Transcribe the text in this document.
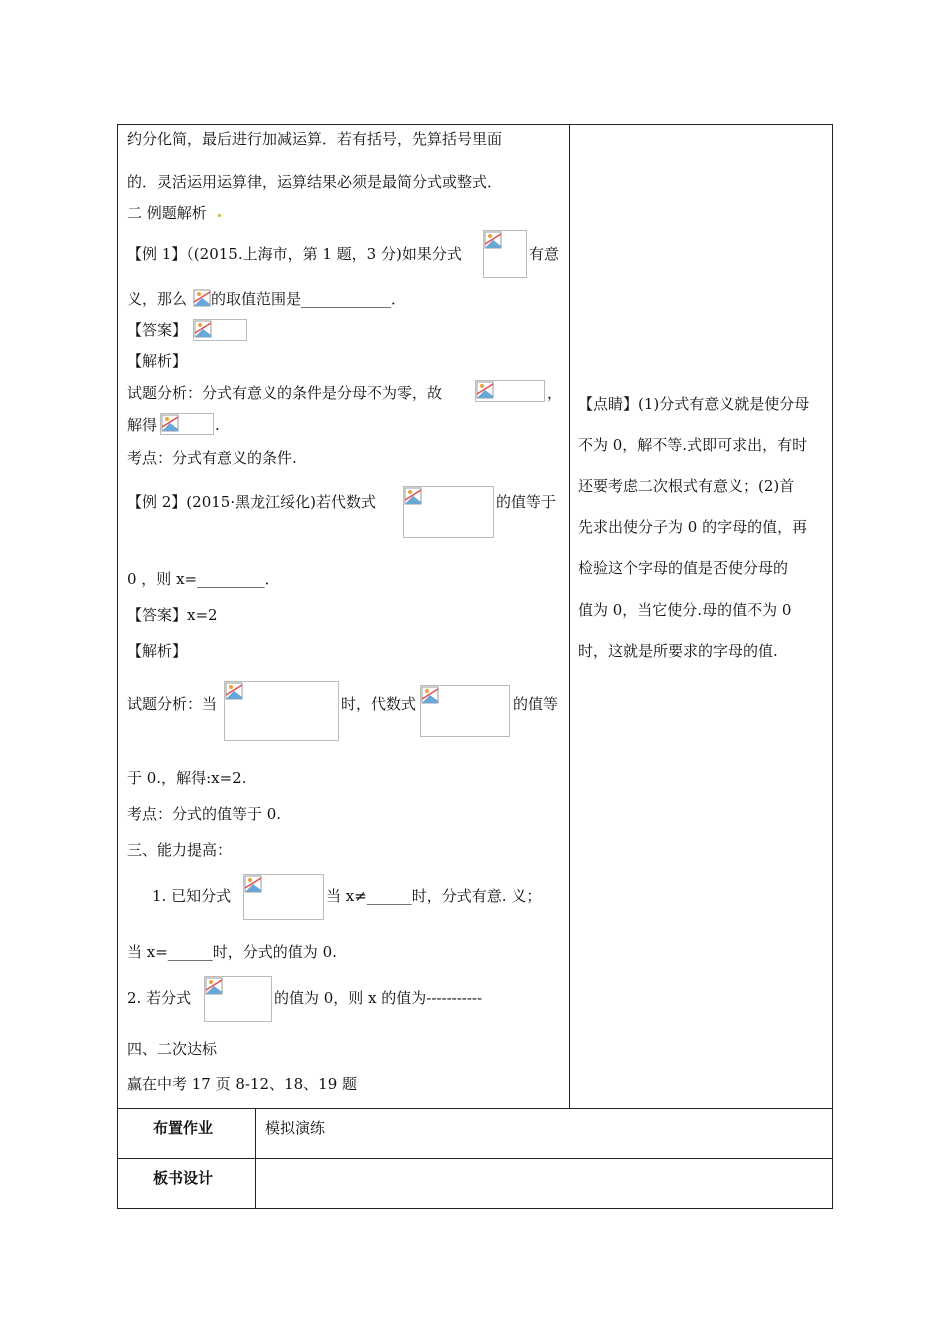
约分化简，最后进行加减运算．若有括号，先算括号里面
的．灵活运用运算律，运算结果必须是最简分式或整式．
二 例题解析
【例 1】（(2015.上海市，第 1 题，3 分)如果分式	有意
义，那么 的取值范围是____________．
【答案】
【解析】
试题分析：分式有意义的条件是分母不为零，故	，
解得	.
考点：分式有意义的条件.
【例 2】(2015·黑龙江绥化)若代数式	的值等于
0 ，则 x=_________．
【答案】x=2
【解析】
试题分析：当	时，代数式	的值等
于 0.，解得:x=2.
考点：分式的值等于 0.
三、能力提高：
1. 已知分式	当 x≠______时，分式有意. 义；
当 x=______时，分式的值为 0.
2. 若分式	的值为 0，则 x 的值为-----------
四、二次达标
赢在中考 17 页 8-12、18、19 题
【点睛】(1)分式有意义就是使分母
不为 0，解不等.式即可求出，有时
还要考虑二次根式有意义；(2)首
先求出使分子为 0 的字母的值，再
检验这个字母的值是否使分母的
值为 0，当它使分.母的值不为 0
时，这就是所要求的字母的值.
布置作业	模拟演练
板书设计
